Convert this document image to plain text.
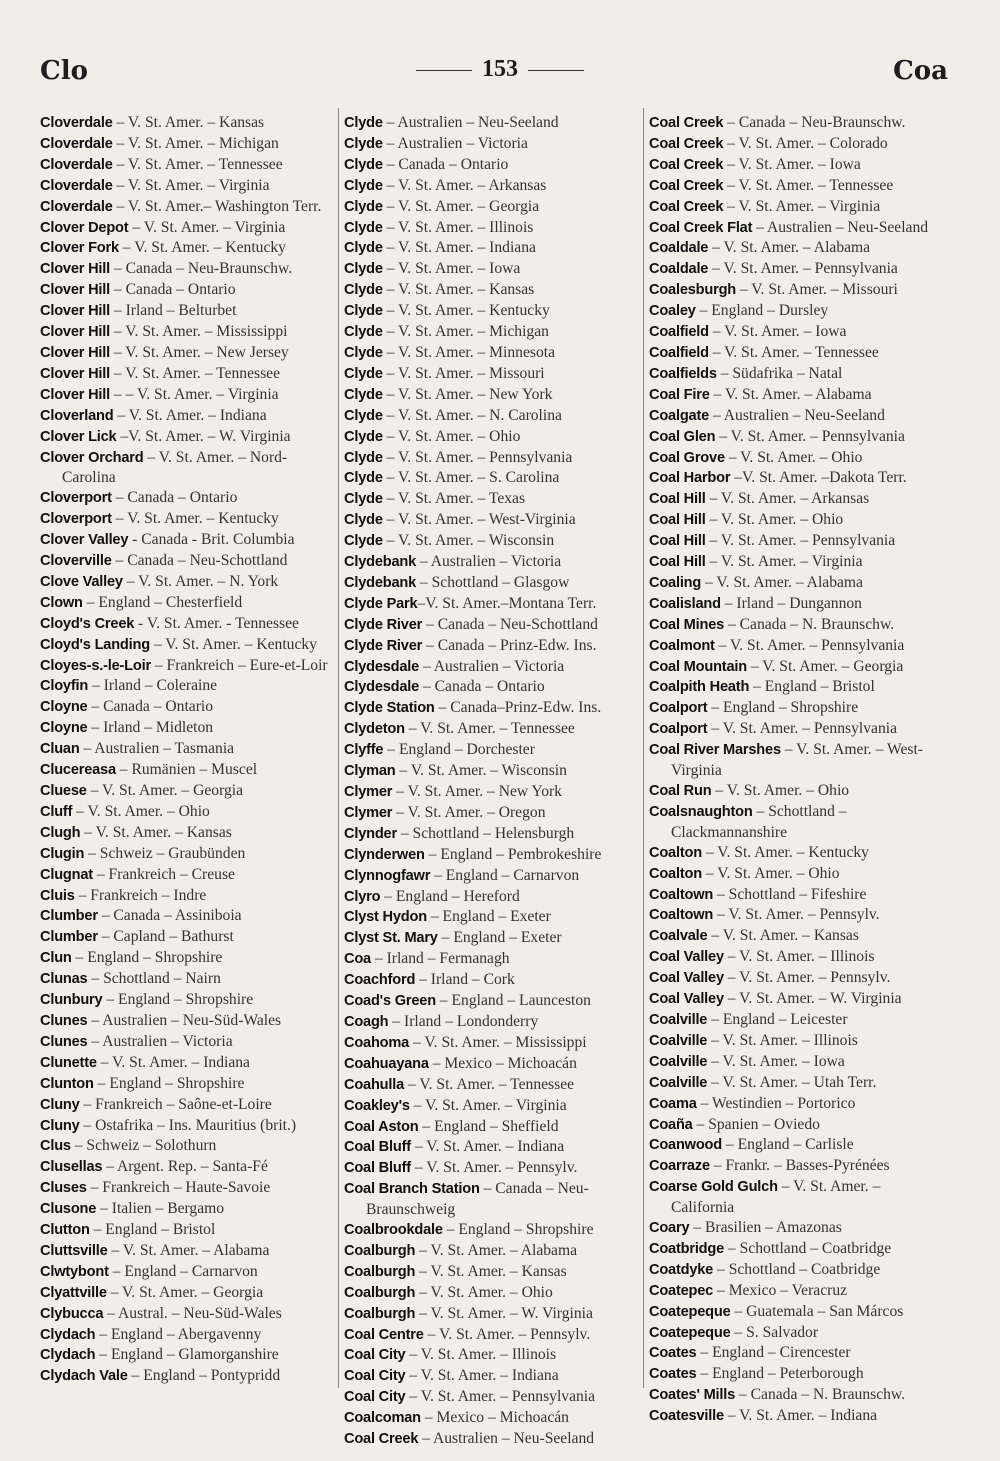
Clo	153	Coa

Cloverdale – V. St. Amer. – Kansas

Cloverdale – V. St. Amer. – Michigan

Cloverdale – V. St. Amer. – Tennessee

Cloverdale – V. St. Amer. – Virginia

Cloverdale – V. St. Amer.– Washington Terr.

Clover Depot – V. St. Amer. – Virginia

Clover Fork – V. St. Amer. – Kentucky

Clover Hill – Canada – Neu-Braunschw.

Clover Hill – Canada – Ontario

Clover Hill – Irland – Belturbet

Clover Hill – V. St. Amer. – Mississippi

Clover Hill – V. St. Amer. – New Jersey

Clover Hill – V. St. Amer. – Tennessee

Clover Hill – – V. St. Amer. – Virginia

Cloverland – V. St. Amer. – Indiana

Clover Lick –V. St. Amer. – W. Virginia

Clover Orchard – V. St. Amer. – Nord-Carolina

Cloverport – Canada – Ontario

Cloverport – V. St. Amer. – Kentucky

Clover Valley - Canada - Brit. Columbia

Cloverville – Canada – Neu-Schottland

Clove Valley – V. St. Amer. – N. York

Clown – England – Chesterfield

Cloyd's Creek - V. St. Amer. - Tennessee

Cloyd's Landing – V. St. Amer. – Kentucky

Cloyes-s.-le-Loir – Frankreich – Eure-et-Loir

Cloyfin – Irland – Coleraine

Cloyne – Canada – Ontario

Cloyne – Irland – Midleton

Cluan – Australien – Tasmania

Clucereasa – Rumänien – Muscel

Cluese – V. St. Amer. – Georgia

Cluff – V. St. Amer. – Ohio

Clugh – V. St. Amer. – Kansas

Clugin – Schweiz – Graubünden

Clugnat – Frankreich – Creuse

Cluis – Frankreich – Indre

Clumber – Canada – Assiniboia

Clumber – Capland – Bathurst

Clun – England – Shropshire

Clunas – Schottland – Nairn

Clunbury – England – Shropshire

Clunes – Australien – Neu-Süd-Wales

Clunes – Australien – Victoria

Clunette – V. St. Amer. – Indiana

Clunton – England – Shropshire

Cluny – Frankreich – Saône-et-Loire

Cluny – Ostafrika – Ins. Mauritius (brit.)

Clus – Schweiz – Solothurn

Clusellas – Argent. Rep. – Santa-Fé

Cluses – Frankreich – Haute-Savoie

Clusone – Italien – Bergamo

Clutton – England – Bristol

Cluttsville – V. St. Amer. – Alabama

Clwtybont – England – Carnarvon

Clyattville – V. St. Amer. – Georgia

Clybucca – Austral. – Neu-Süd-Wales

Clydach – England – Abergavenny

Clydach – England – Glamorganshire

Clydach Vale – England – Pontypridd

Clyde – Australien – Neu-Seeland

Clyde – Australien – Victoria

Clyde – Canada – Ontario

Clyde – V. St. Amer. – Arkansas

Clyde – V. St. Amer. – Georgia

Clyde – V. St. Amer. – Illinois

Clyde – V. St. Amer. – Indiana

Clyde – V. St. Amer. – Iowa

Clyde – V. St. Amer. – Kansas

Clyde – V. St. Amer. – Kentucky

Clyde – V. St. Amer. – Michigan

Clyde – V. St. Amer. – Minnesota

Clyde – V. St. Amer. – Missouri

Clyde – V. St. Amer. – New York

Clyde – V. St. Amer. – N. Carolina

Clyde – V. St. Amer. – Ohio

Clyde – V. St. Amer. – Pennsylvania

Clyde – V. St. Amer. – S. Carolina

Clyde – V. St. Amer. – Texas

Clyde – V. St. Amer. – West-Virginia

Clyde – V. St. Amer. – Wisconsin

Clydebank – Australien – Victoria

Clydebank – Schottland – Glasgow

Clyde Park–V. St. Amer.–Montana Terr.

Clyde River – Canada – Neu-Schottland

Clyde River – Canada – Prinz-Edw. Ins.

Clydesdale – Australien – Victoria

Clydesdale – Canada – Ontario

Clyde Station – Canada–Prinz-Edw. Ins.

Clydeton – V. St. Amer. – Tennessee

Clyffe – England – Dorchester

Clyman – V. St. Amer. – Wisconsin

Clymer – V. St. Amer. – New York

Clymer – V. St. Amer. – Oregon

Clynder – Schottland – Helensburgh

Clynderwen – England – Pembrokeshire

Clynnogfawr – England – Carnarvon

Clyro – England – Hereford

Clyst Hydon – England – Exeter

Clyst St. Mary – England – Exeter

Coa – Irland – Fermanagh

Coachford – Irland – Cork

Coad's Green – England – Launceston

Coagh – Irland – Londonderry

Coahoma – V. St. Amer. – Mississippi

Coahuayana – Mexico – Michoacán

Coahulla – V. St. Amer. – Tennessee

Coakley's – V. St. Amer. – Virginia

Coal Aston – England – Sheffield

Coal Bluff – V. St. Amer. – Indiana

Coal Bluff – V. St. Amer. – Pennsylv.

Coal Branch Station – Canada – Neu-Braunschweig

Coalbrookdale – England – Shropshire

Coalburgh – V. St. Amer. – Alabama

Coalburgh – V. St. Amer. – Kansas

Coalburgh – V. St. Amer. – Ohio

Coalburgh – V. St. Amer. – W. Virginia

Coal Centre – V. St. Amer. – Pennsylv.

Coal City – V. St. Amer. – Illinois

Coal City – V. St. Amer. – Indiana

Coal City – V. St. Amer. – Pennsylvania

Coalcoman – Mexico – Michoacán

Coal Creek – Australien – Neu-Seeland

Coal Creek – Canada – Neu-Braunschw.

Coal Creek – V. St. Amer. – Colorado

Coal Creek – V. St. Amer. – Iowa

Coal Creek – V. St. Amer. – Tennessee

Coal Creek – V. St. Amer. – Virginia

Coal Creek Flat – Australien – Neu-Seeland

Coaldale – V. St. Amer. – Alabama

Coaldale – V. St. Amer. – Pennsylvania

Coalesburgh – V. St. Amer. – Missouri

Coaley – England – Dursley

Coalfield – V. St. Amer. – Iowa

Coalfield – V. St. Amer. – Tennessee

Coalfields – Südafrika – Natal

Coal Fire – V. St. Amer. – Alabama

Coalgate – Australien – Neu-Seeland

Coal Glen – V. St. Amer. – Pennsylvania

Coal Grove – V. St. Amer. – Ohio

Coal Harbor –V. St. Amer. –Dakota Terr.

Coal Hill – V. St. Amer. – Arkansas

Coal Hill – V. St. Amer. – Ohio

Coal Hill – V. St. Amer. – Pennsylvania

Coal Hill – V. St. Amer. – Virginia

Coaling – V. St. Amer. – Alabama

Coalisland – Irland – Dungannon

Coal Mines – Canada – N. Braunschw.

Coalmont – V. St. Amer. – Pennsylvania

Coal Mountain – V. St. Amer. – Georgia

Coalpith Heath – England – Bristol

Coalport – England – Shropshire

Coalport – V. St. Amer. – Pennsylvania

Coal River Marshes – V. St. Amer. – West-Virginia

Coal Run – V. St. Amer. – Ohio

Coalsnaughton – Schottland – Clackmannanshire

Coalton – V. St. Amer. – Kentucky

Coalton – V. St. Amer. – Ohio

Coaltown – Schottland – Fifeshire

Coaltown – V. St. Amer. – Pennsylv.

Coalvale – V. St. Amer. – Kansas

Coal Valley – V. St. Amer. – Illinois

Coal Valley – V. St. Amer. – Pennsylv.

Coal Valley – V. St. Amer. – W. Virginia

Coalville – England – Leicester

Coalville – V. St. Amer. – Illinois

Coalville – V. St. Amer. – Iowa

Coalville – V. St. Amer. – Utah Terr.

Coama – Westindien – Portorico

Coaña – Spanien – Oviedo

Coanwood – England – Carlisle

Coarraze – Frankr. – Basses-Pyrénées

Coarse Gold Gulch – V. St. Amer. – California

Coary – Brasilien – Amazonas

Coatbridge – Schottland – Coatbridge

Coatdyke – Schottland – Coatbridge

Coatepec – Mexico – Veracruz

Coatepeque – Guatemala – San Márcos

Coatepeque – S. Salvador

Coates – England – Cirencester

Coates – England – Peterborough

Coates' Mills – Canada – N. Braunschw.

Coatesville – V. St. Amer. – Indiana
